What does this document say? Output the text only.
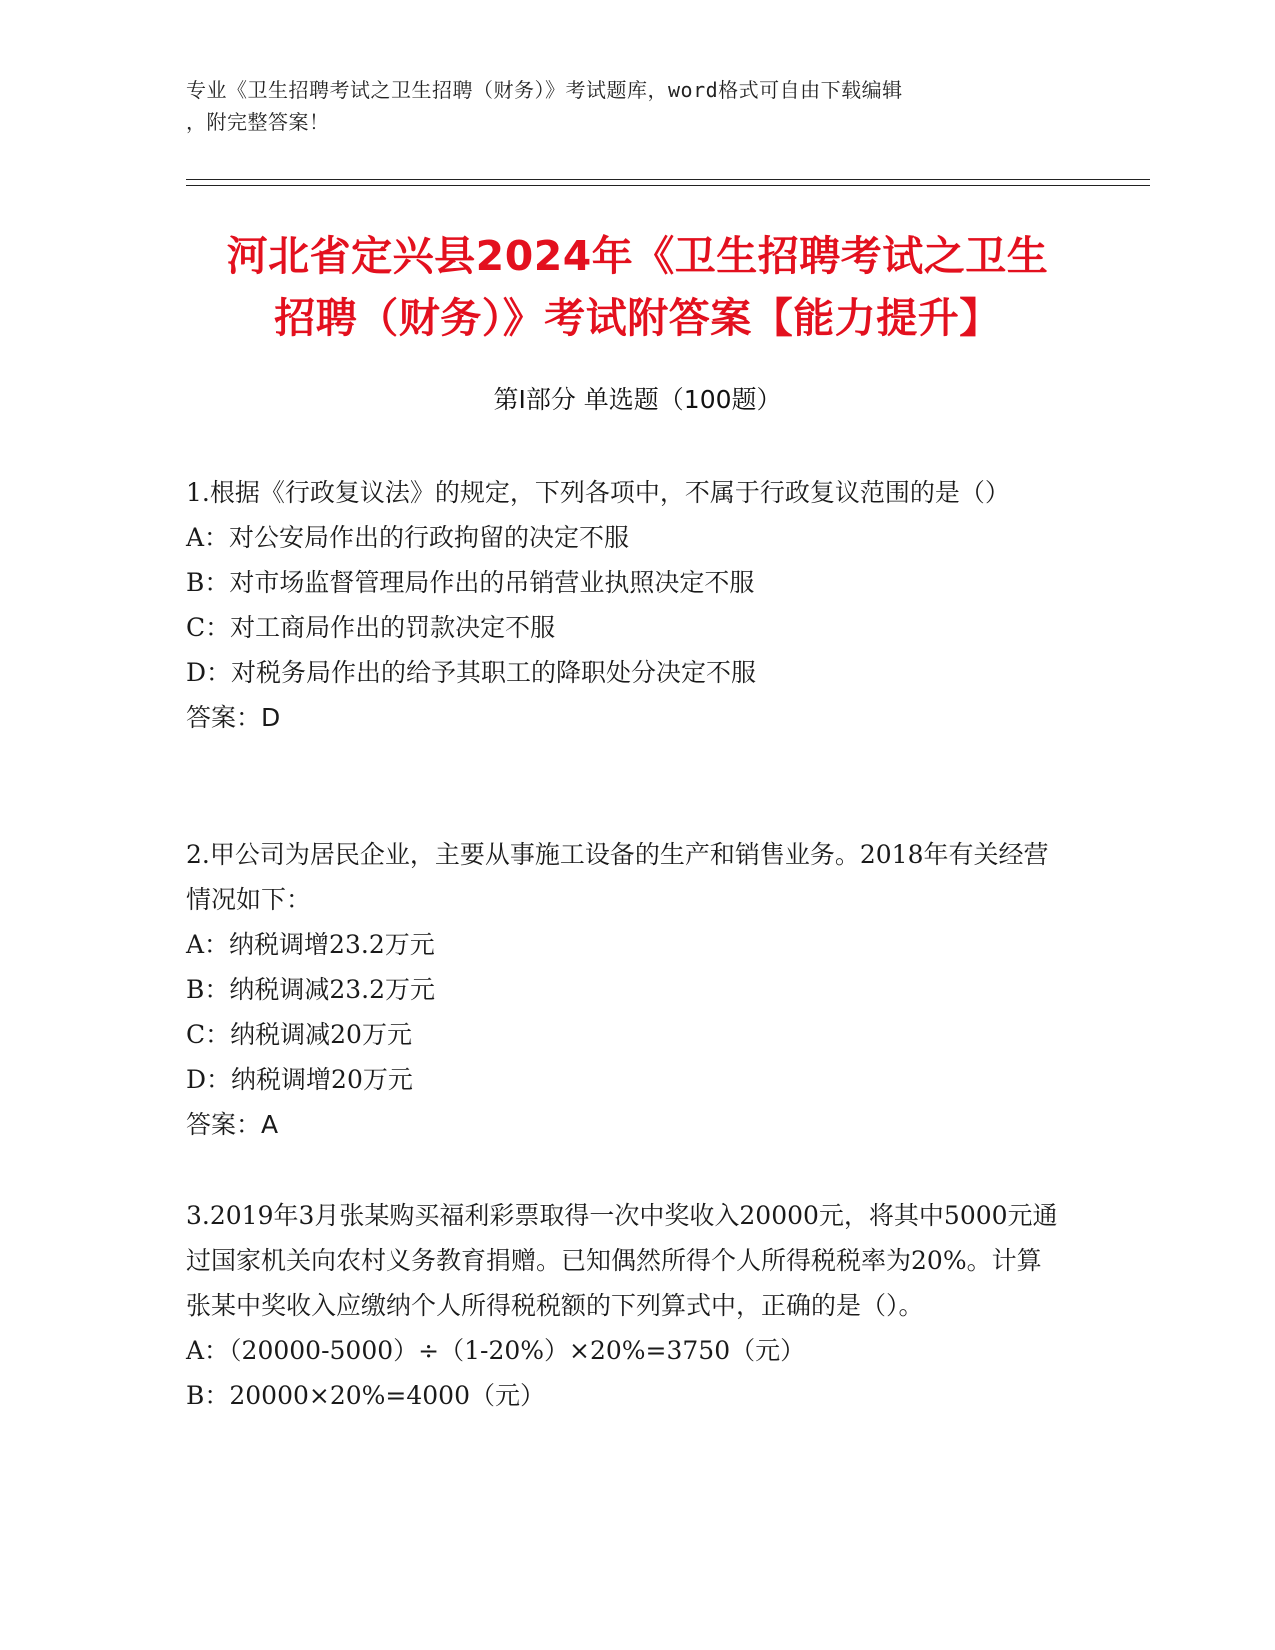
专业《卫生招聘考试之卫生招聘（财务）》考试题库，word格式可自由下载编辑
，附完整答案！
河北省定兴县2024年《卫生招聘考试之卫生
招聘（财务）》考试附答案【能力提升】
第Ⅰ部分 单选题（100题）
1.根据《行政复议法》的规定，下列各项中，不属于行政复议范围的是（）
A：对公安局作出的行政拘留的决定不服
B：对市场监督管理局作出的吊销营业执照决定不服
C：对工商局作出的罚款决定不服
D：对税务局作出的给予其职工的降职处分决定不服
答案：D
2.甲公司为居民企业，主要从事施工设备的生产和销售业务。2018年有关经营情况如下：
A：纳税调增23.2万元
B：纳税调减23.2万元
C：纳税调减20万元
D：纳税调增20万元
答案：A
3.2019年3月张某购买福利彩票取得一次中奖收入20000元，将其中5000元通过国家机关向农村义务教育捐赠。已知偶然所得个人所得税税率为20%。计算张某中奖收入应缴纳个人所得税税额的下列算式中，正确的是（）。
A：（20000-5000）÷（1-20%）×20%=3750（元）
B：20000×20%=4000（元）
